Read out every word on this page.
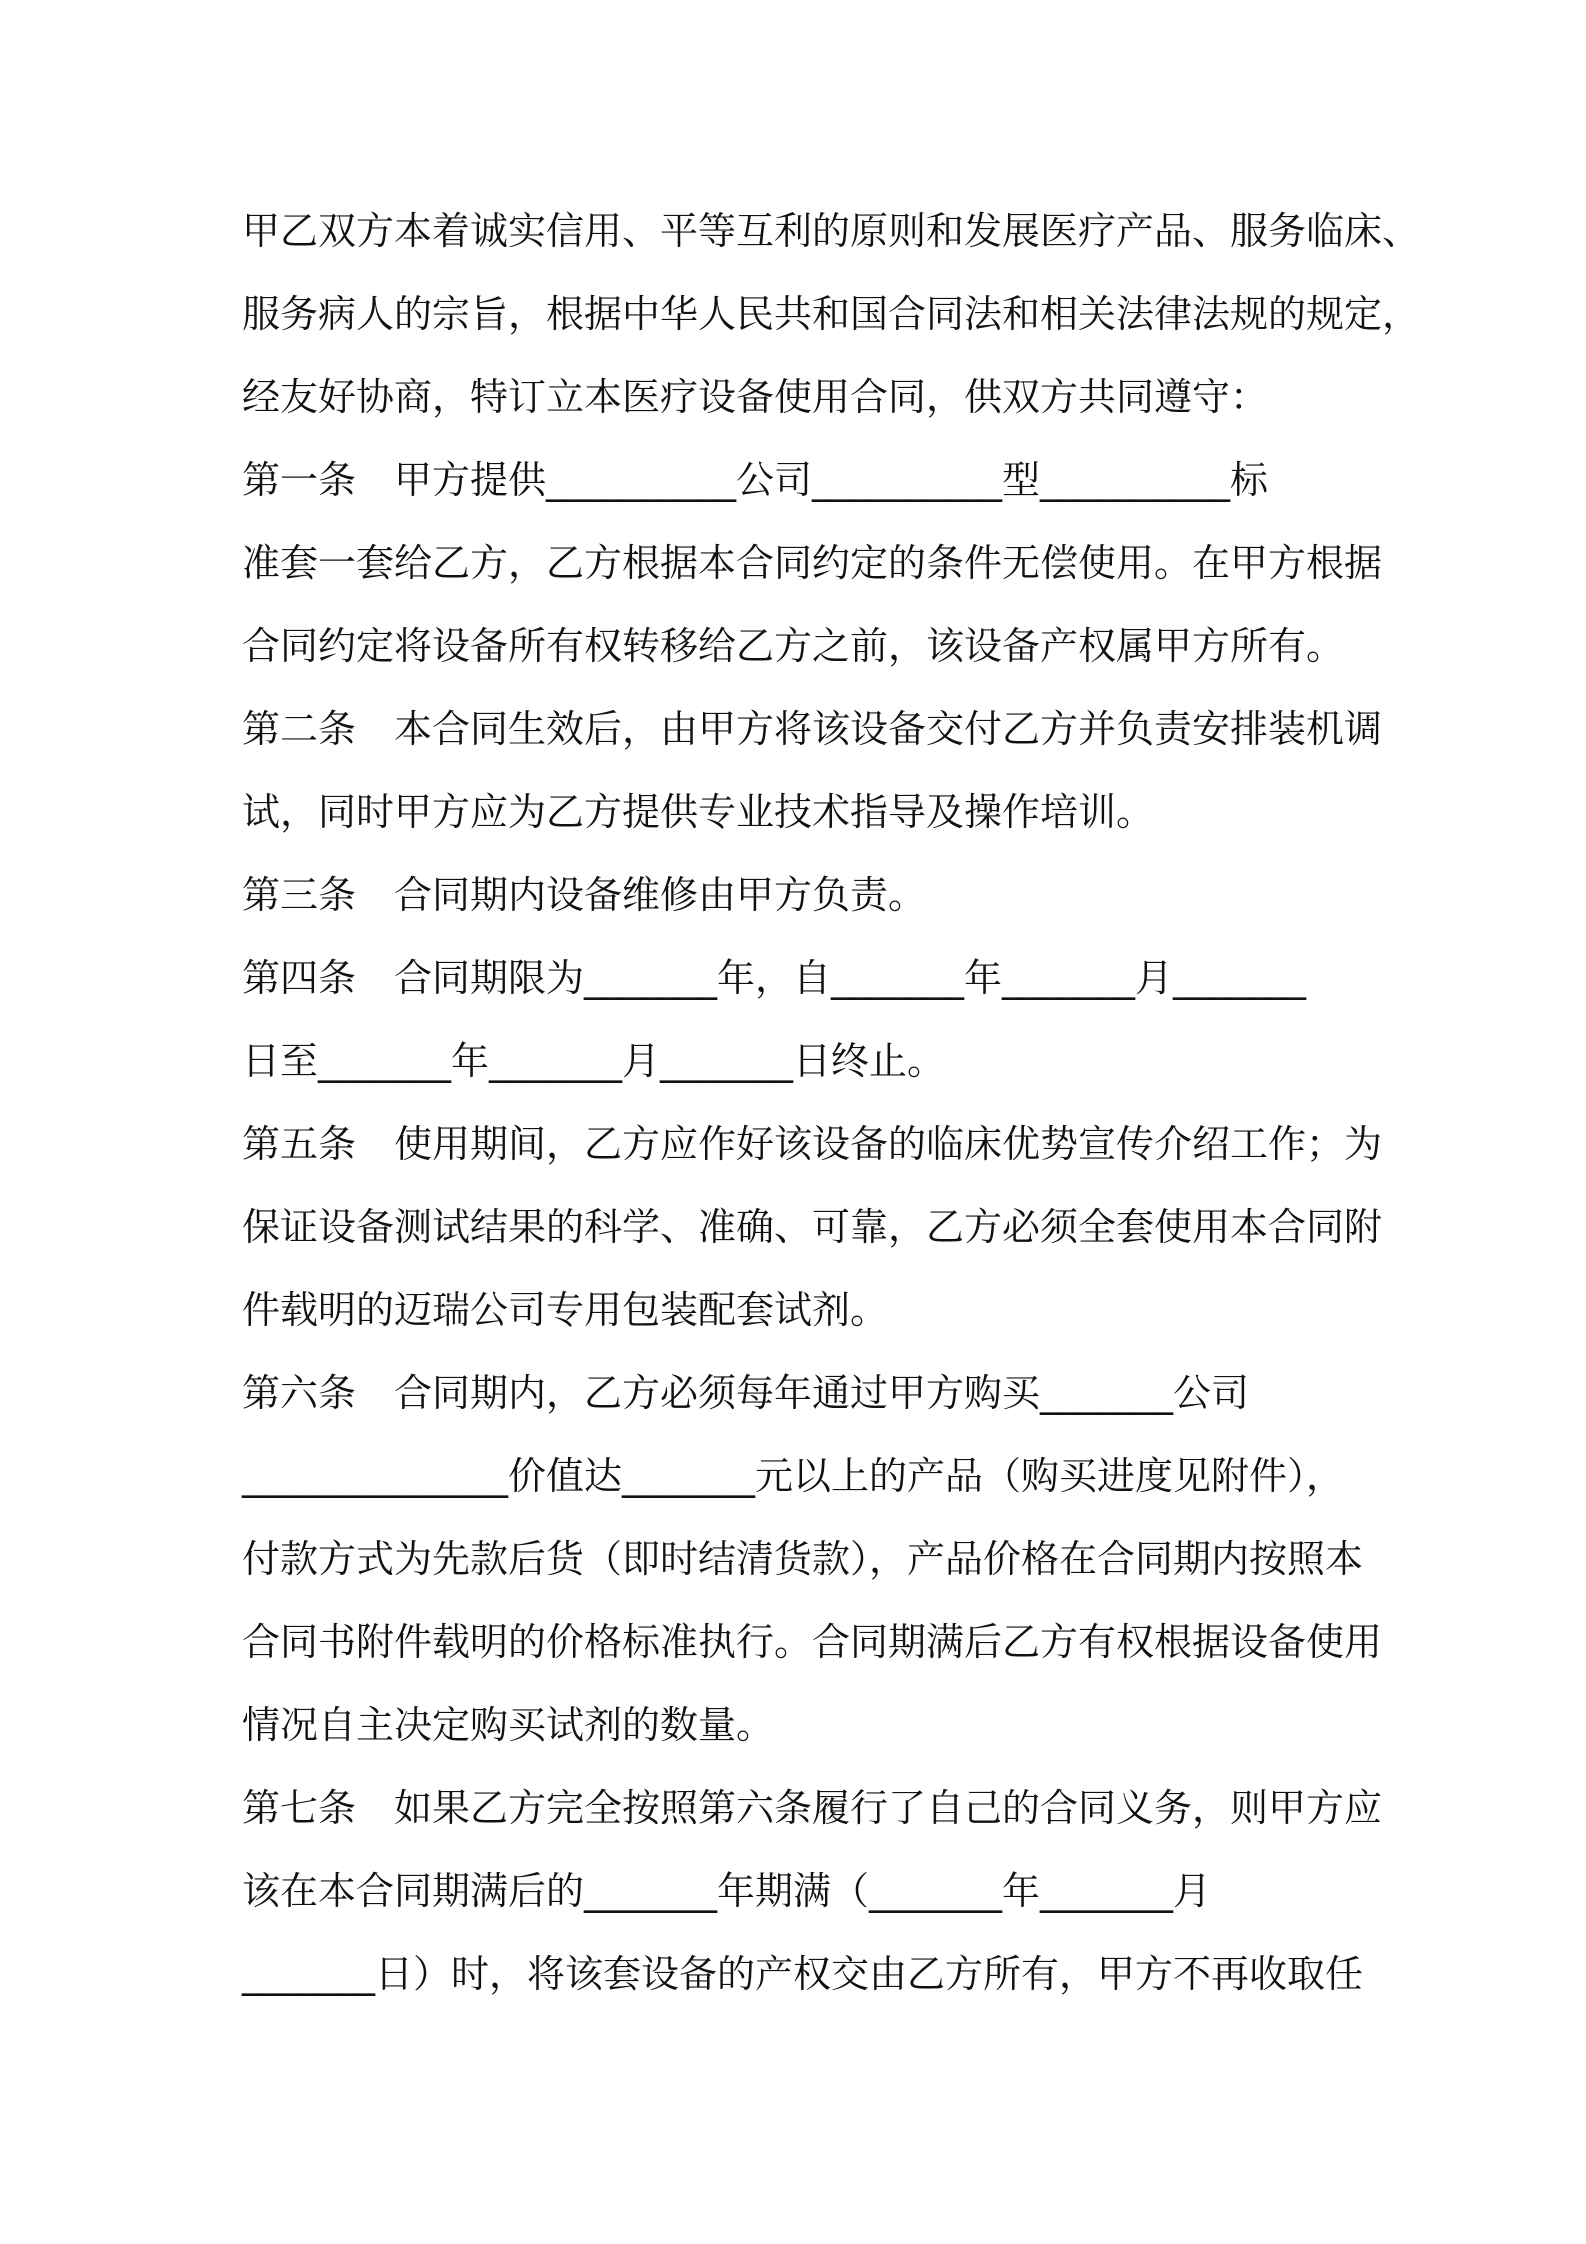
甲乙双方本着诚实信用、平等互利的原则和发展医疗产品、服务临床、
服务病人的宗旨，根据中华人民共和国合同法和相关法律法规的规定，
经友好协商，特订立本医疗设备使用合同，供双方共同遵守：
第一条　甲方提供__________公司__________型__________标
准套一套给乙方，乙方根据本合同约定的条件无偿使用。在甲方根据
合同约定将设备所有权转移给乙方之前，该设备产权属甲方所有。
第二条　本合同生效后，由甲方将该设备交付乙方并负责安排装机调
试，同时甲方应为乙方提供专业技术指导及操作培训。
第三条　合同期内设备维修由甲方负责。
第四条　合同期限为_______年，自_______年_______月_______
日至_______年_______月_______日终止。
第五条　使用期间，乙方应作好该设备的临床优势宣传介绍工作；为
保证设备测试结果的科学、准确、可靠，乙方必须全套使用本合同附
件载明的迈瑞公司专用包装配套试剂。
第六条　合同期内，乙方必须每年通过甲方购买_______公司
______________价值达_______元以上的产品（购买进度见附件），
付款方式为先款后货（即时结清货款），产品价格在合同期内按照本
合同书附件载明的价格标准执行。合同期满后乙方有权根据设备使用
情况自主决定购买试剂的数量。
第七条　如果乙方完全按照第六条履行了自己的合同义务，则甲方应
该在本合同期满后的_______年期满（_______年_______月
_______日）时，将该套设备的产权交由乙方所有，甲方不再收取任
